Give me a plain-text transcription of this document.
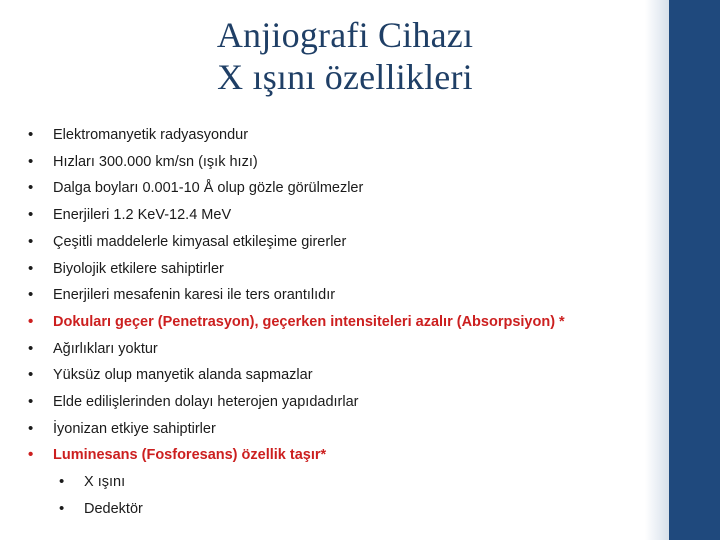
Anjiografi Cihazı
X ışını özellikleri
•	Elektromanyetik radyasyondur
•	Hızları 300.000 km/sn (ışık hızı)
•	Dalga boyları 0.001-10 Å olup gözle görülmezler
•	Enerjileri 1.2 KeV-12.4 MeV
•	Çeşitli maddelerle kimyasal etkileşime girerler
•	Biyolojik etkilere sahiptirler
•	Enerjileri mesafenin karesi ile ters orantılıdır
•	Dokuları geçer (Penetrasyon), geçerken intensiteleri azalır (Absorpsiyon) *
•	Ağırlıkları yoktur
•	Yüksüz olup manyetik alanda sapmazlar
•	Elde edilişlerinden dolayı heterojen yapıdadırlar
•	İyonizan etkiye sahiptirler
•	Luminesans (Fosforesans) özellik taşır*
•	X ışını
•	Dedektör
